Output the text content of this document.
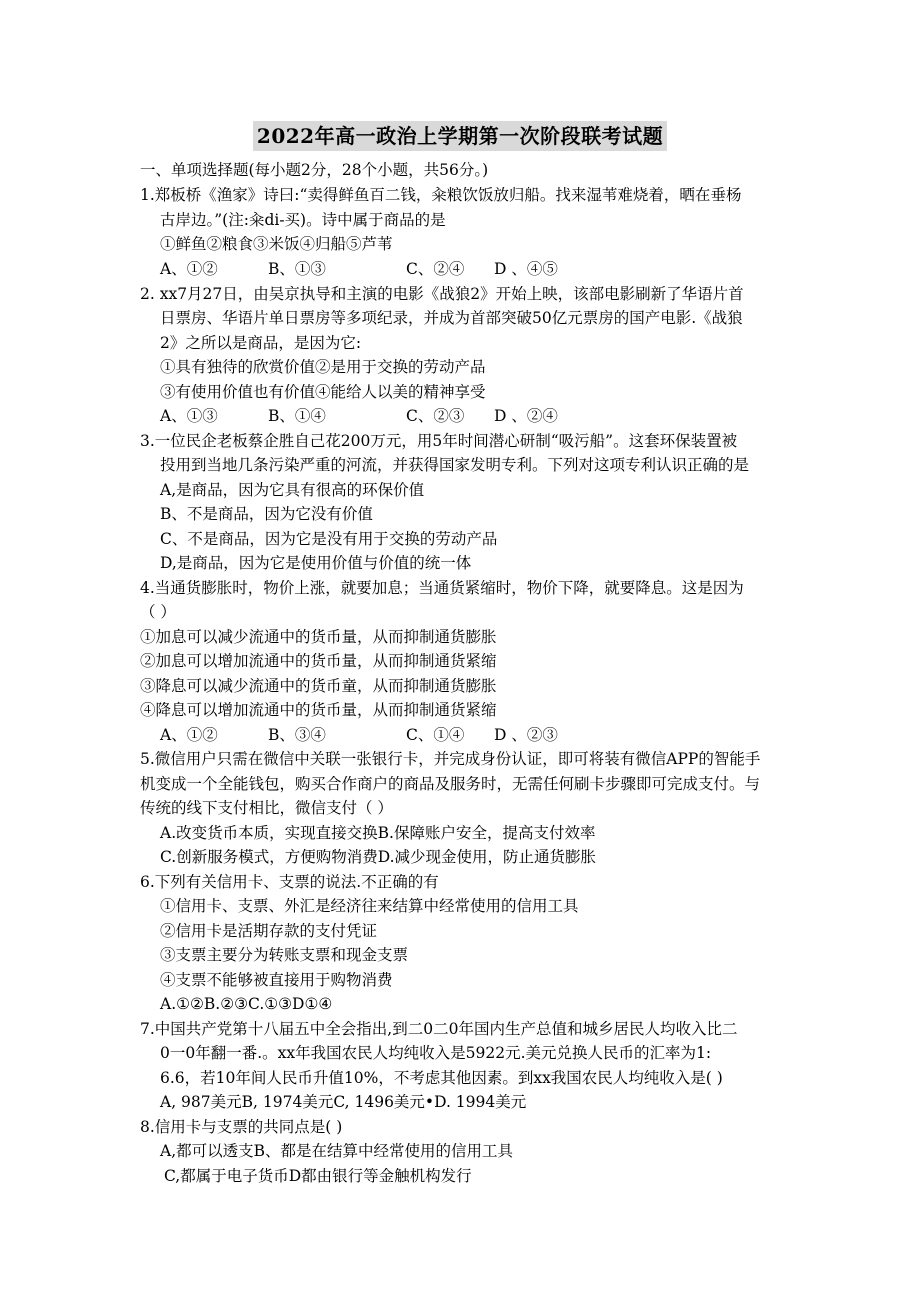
2022年高一政治上学期第一次阶段联考试题
一、单项选择题(每小题2分，28个小题，共56分。)
1.郑板桥《渔家》诗曰:“卖得鲜鱼百二钱，籴粮饮饭放归船。找来湿苇难烧着，晒在垂杨
古岸边。”(注:籴di-买)。诗中属于商品的是
①鲜鱼②粮食③米饭④归船⑤芦苇
A、①②	B、①③	C、②④ D 、④⑤
2. xx7月27日，由吴京执导和主演的电影《战狼2》开始上映，该部电影刷新了华语片首
日票房、华语片单日票房等多项纪录，并成为首部突破50亿元票房的国产电影.《战狼
2》之所以是商品，是因为它:
①具有独待的欣赏价值②是用于交换的劳动产品
③有使用价值也有价值④能给人以美的精神享受
A、①③	B、①④	C、②③ D 、②④
3.一位民企老板蔡企胜自己花200万元，用5年时间潜心研制“吸污船”。这套环保装置被
投用到当地几条污染严重的河流，并获得国家发明专利。下列对这项专利认识正确的是
A,是商品，因为它具有很高的环保价值
B、不是商品，因为它没有价值
C、不是商品，因为它是没有用于交换的劳动产品
D,是商品，因为它是使用价值与价值的统一体
4.当通货膨胀时，物价上涨，就要加息；当通货紧缩时，物价下降，就要降息。这是因为
（ ）
①加息可以减少流通中的货币量，从而抑制通货膨胀
②加息可以增加流通中的货币量，从而抑制通货紧缩
③降息可以减少流通中的货币童，从而抑制通货膨胀
④降息可以增加流通中的货币量，从而抑制通货紧缩
A、①②	B、③④	C、①④ D 、②③
5.微信用户只需在微信中关联一张银行卡，并完成身份认证，即可将装有微信APP的智能手
机变成一个全能钱包，购买合作商户的商品及服务时，无需任何刷卡步骤即可完成支付。与
传统的线下支付相比，微信支付（ ）
A.改变货币本质，实现直接交换B.保障账户安全，提高支付效率
C.创新服务模式，方便购物消费D.减少现金使用，防止通货膨胀
6.下列有关信用卡、支票的说法.不正确的有
①信用卡、支票、外汇是经济往来结算中经常使用的信用工具
②信用卡是活期存款的支付凭证
③支票主要分为转账支票和现金支票
④支票不能够被直接用于购物消费
A.①②B.②③C.①③D①④
7.中国共产党第十八届五中全会指出,到二0二0年国内生产总值和城乡居民人均收入比二
0一0年翻一番.。xx年我国农民人均纯收入是5922元.美元兑换人民币的汇率为1:
6.6，若10年间人民币升值10%，不考虑其他因素。到xx我国农民人均纯收入是( )
A, 987美元B, 1974美元C, 1496美元•D. 1994美元
8.信用卡与支票的共同点是( )
A,都可以透支B、都是在结算中经常使用的信用工具
C,都属于电子货币D都由银行等金触机构发行
